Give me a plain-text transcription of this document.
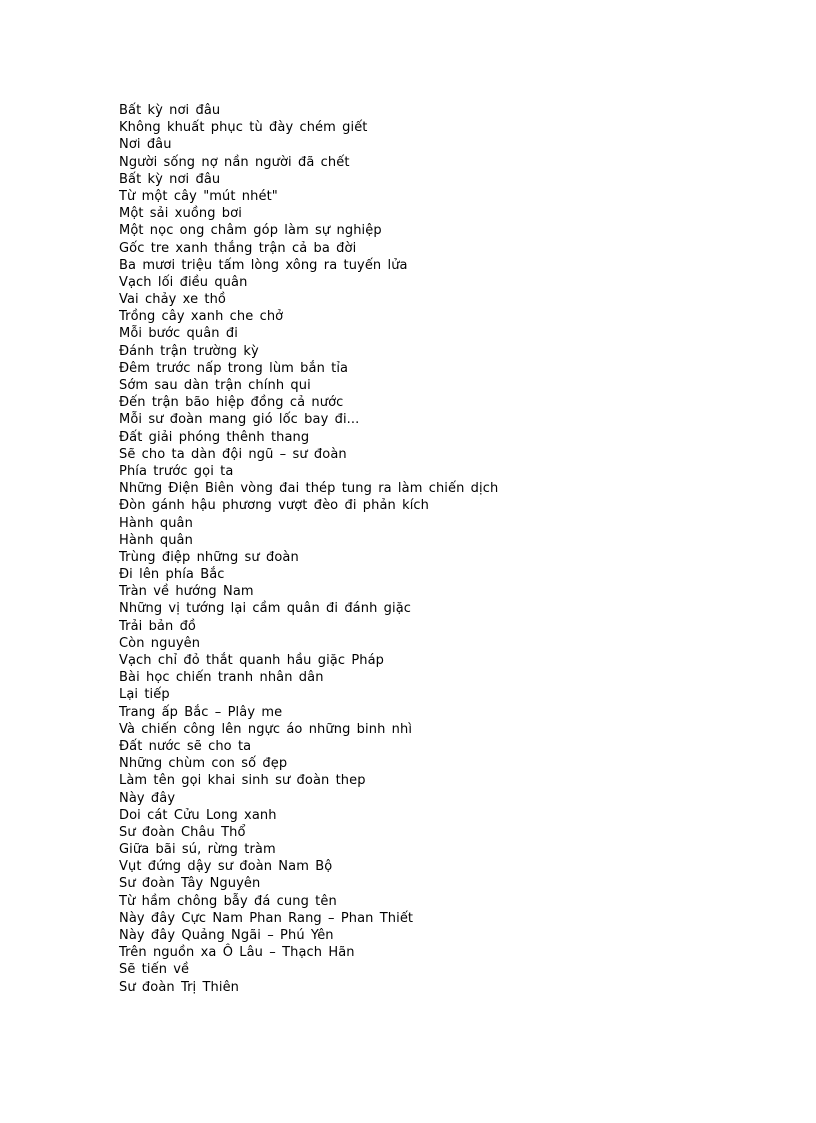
Bất kỳ nơi đâu
Không khuất phục tù đày chém giết
Nơi đâu
Người sống nợ nần người đã chết
Bất kỳ nơi đâu
Từ một cây "mút nhét"
Một sải xuồng bơi
Một nọc ong châm góp làm sự nghiệp
Gốc tre xanh thắng trận cả ba đời
Ba mươi triệu tấm lòng xông ra tuyến lửa
Vạch lối điều quân
Vai chảy xe thồ
Trồng cây xanh che chở
Mỗi bước quân đi
Đánh trận trường kỳ
Đêm trước nấp trong lùm bắn tỉa
Sớm sau dàn trận chính qui
Đến trận bão hiệp đồng cả nước
Mỗi sư đoàn mang gió lốc bay đi...
Đất giải phóng thênh thang
Sẽ cho ta dàn đội ngũ – sư đoàn
Phía trước gọi ta
Những Điện Biên vòng đai thép tung ra làm chiến dịch
Đòn gánh hậu phương vượt đèo đi phản kích
Hành quân
Hành quân
Trùng điệp những sư đoàn
Đi lên phía Bắc
Tràn về hướng Nam
Những vị tướng lại cầm quân đi đánh giặc
Trải bản đồ
Còn nguyên
Vạch chỉ đỏ thắt quanh hầu giặc Pháp
Bài học chiến tranh nhân dân
Lại tiếp
Trang ấp Bắc – Plây me
Và chiến công lên ngực áo những binh nhì
Đất nước sẽ cho ta
Những chùm con số đẹp
Làm tên gọi khai sinh sư đoàn thep
Này đây
Doi cát Cửu Long xanh
Sư đoàn Châu Thổ
Giữa bãi sú, rừng tràm
Vụt đứng dậy sư đoàn Nam Bộ
Sư đoàn Tây Nguyên
Từ hầm chông bẫy đá cung tên
Này đây Cực Nam Phan Rang – Phan Thiết
Này đây Quảng Ngãi – Phú Yên
Trên nguồn xa Ô Lâu – Thạch Hãn
Sẽ tiến về
Sư đoàn Trị Thiên
